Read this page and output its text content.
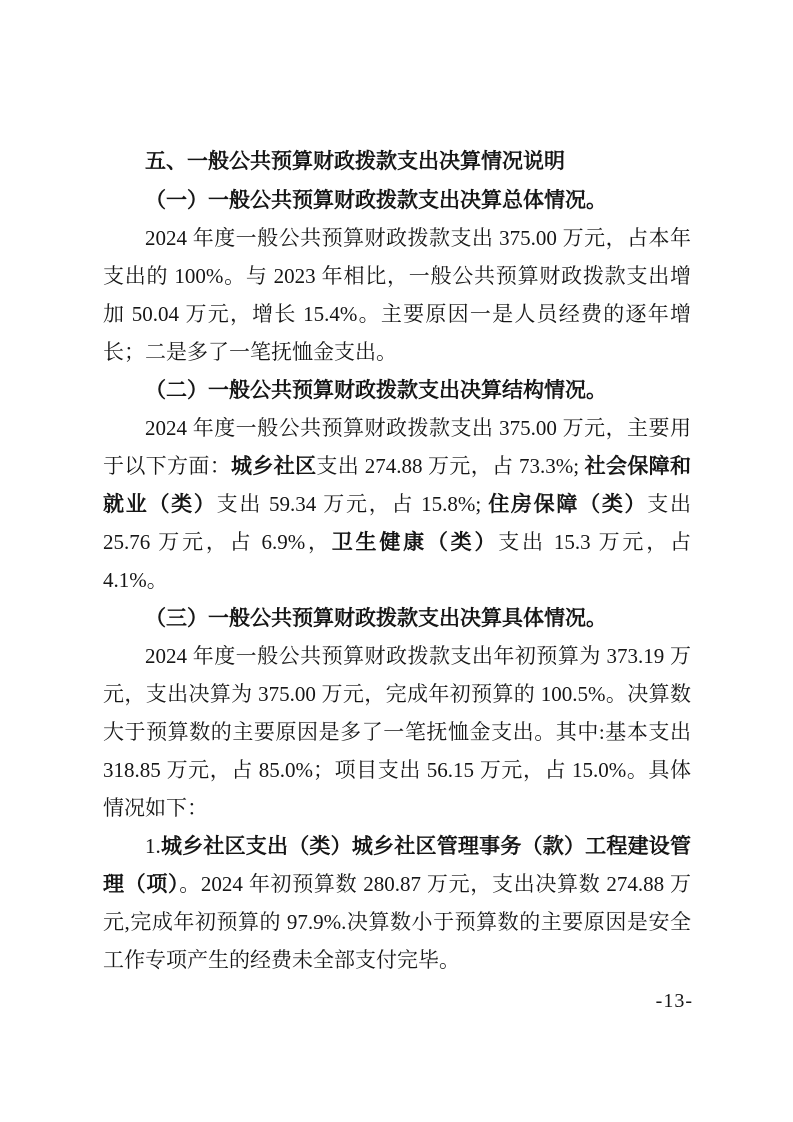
五、一般公共预算财政拨款支出决算情况说明
（一）一般公共预算财政拨款支出决算总体情况。

2024 年度一般公共预算财政拨款支出 375.00 万元，占本年支出的 100%。与 2023 年相比，一般公共预算财政拨款支出增加 50.04 万元，增长 15.4%。主要原因一是人员经费的逐年增长；二是多了一笔抚恤金支出。

（二）一般公共预算财政拨款支出决算结构情况。

2024 年度一般公共预算财政拨款支出 375.00 万元，主要用于以下方面：城乡社区支出 274.88 万元，占 73.3%; 社会保障和就业（类）支出 59.34 万元，占 15.8%; 住房保障（类）支出 25.76 万元，占 6.9%，卫生健康（类）支出 15.3 万元，占 4.1%。

（三）一般公共预算财政拨款支出决算具体情况。

2024 年度一般公共预算财政拨款支出年初预算为 373.19 万元，支出决算为 375.00 万元，完成年初预算的 100.5%。决算数大于预算数的主要原因是多了一笔抚恤金支出。其中:基本支出 318.85 万元，占 85.0%；项目支出 56.15 万元，占 15.0%。具体情况如下：

1.城乡社区支出（类）城乡社区管理事务（款）工程建设管理（项）。2024 年初预算数 280.87 万元，支出决算数 274.88 万元,完成年初预算的 97.9%.决算数小于预算数的主要原因是安全工作专项产生的经费未全部支付完毕。

-13-
